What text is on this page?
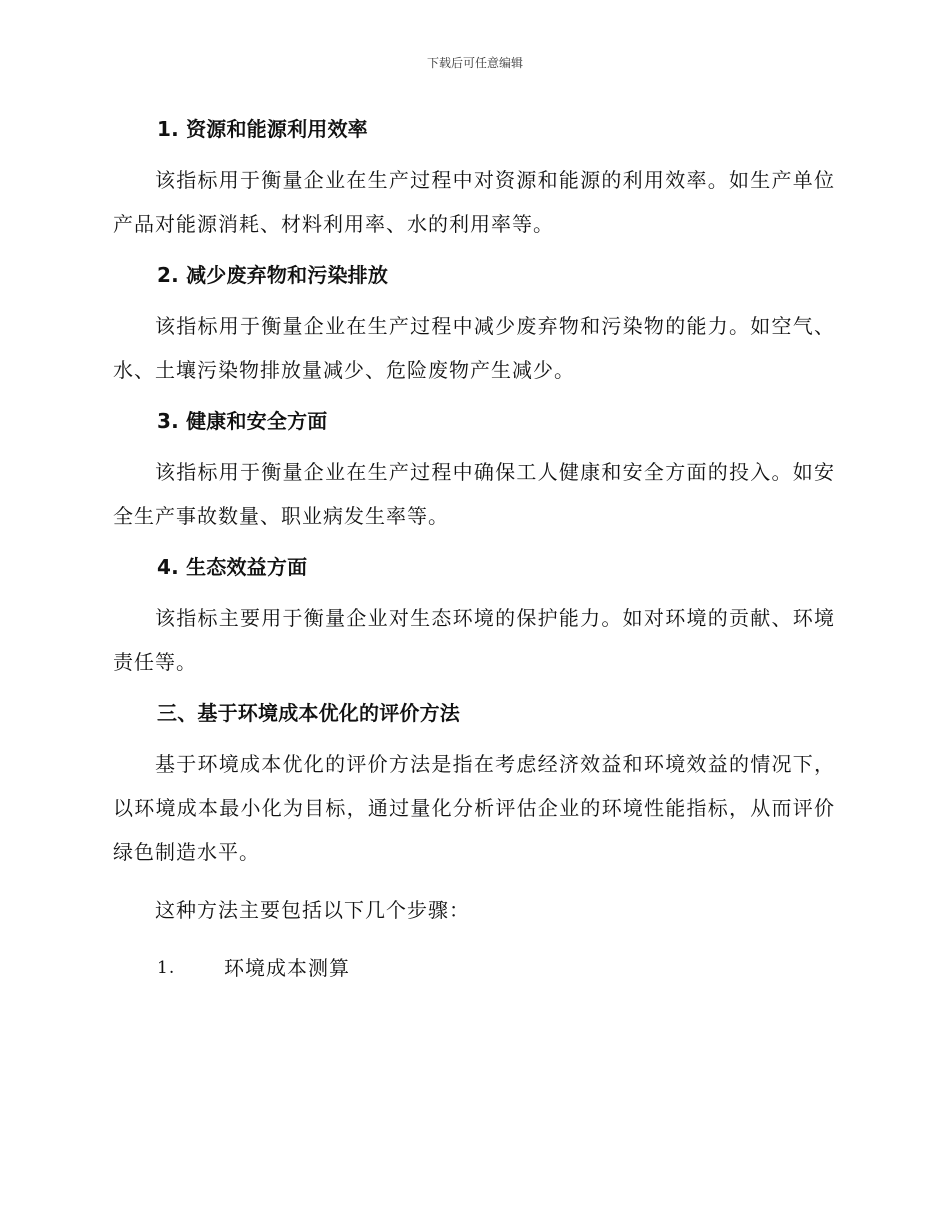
下载后可任意编辑
1. 资源和能源利用效率

该指标用于衡量企业在生产过程中对资源和能源的利用效率。如生产单位产品对能源消耗、材料利用率、水的利用率等。

2. 减少废弃物和污染排放

该指标用于衡量企业在生产过程中减少废弃物和污染物的能力。如空气、水、土壤污染物排放量减少、危险废物产生减少。

3. 健康和安全方面

该指标用于衡量企业在生产过程中确保工人健康和安全方面的投入。如安全生产事故数量、职业病发生率等。

4. 生态效益方面

该指标主要用于衡量企业对生态环境的保护能力。如对环境的贡献、环境责任等。

三、基于环境成本优化的评价方法

基于环境成本优化的评价方法是指在考虑经济效益和环境效益的情况下，以环境成本最小化为目标，通过量化分析评估企业的环境性能指标，从而评价绿色制造水平。

这种方法主要包括以下几个步骤：

1. 环境成本测算
